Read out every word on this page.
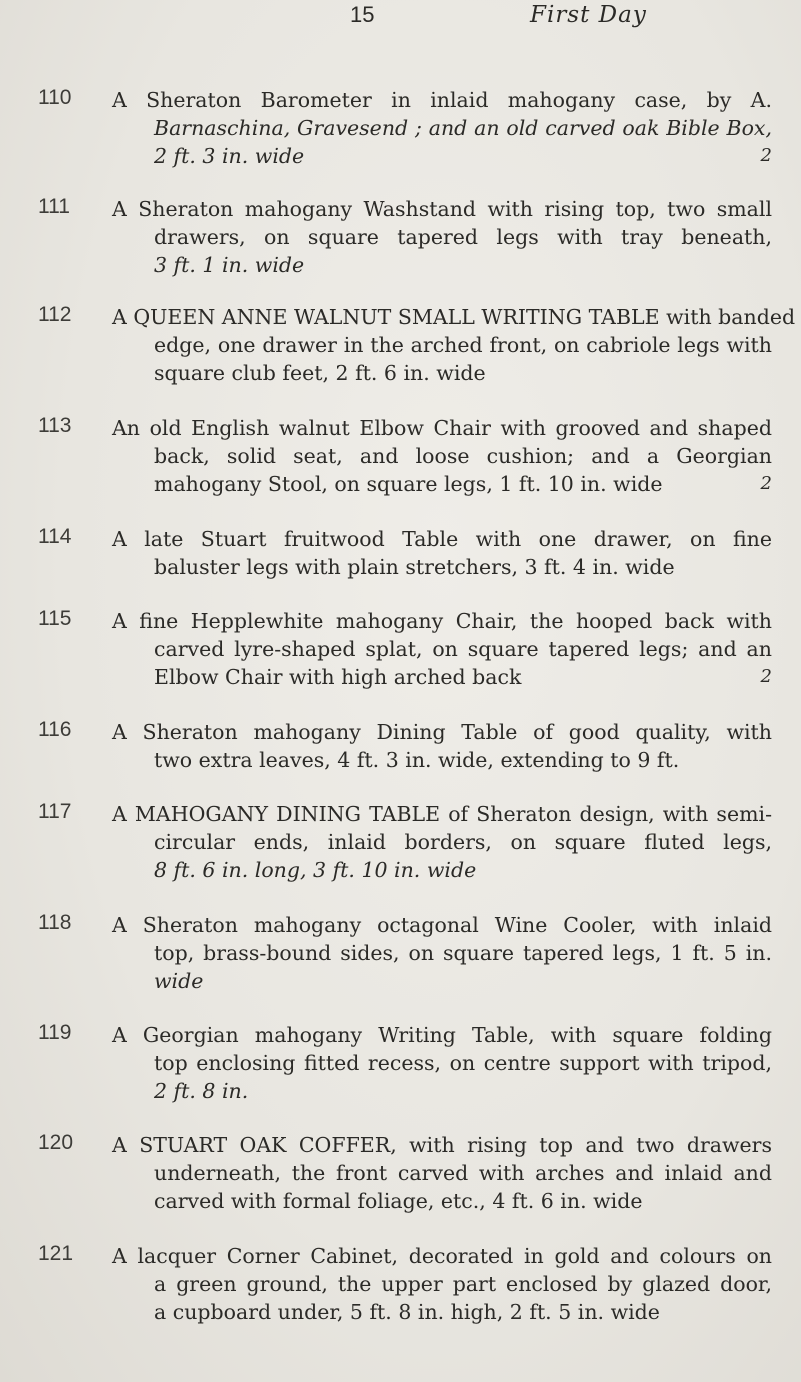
15	First Day
110	A Sheraton Barometer in inlaid mahogany case, by A.
Barnaschina, Gravesend ; and an old carved oak Bible Box,
2 ft. 3 in. wide	2
111	A Sheraton mahogany Washstand with rising top, two small
drawers, on square tapered legs with tray beneath,
3 ft. 1 in. wide
112	A QUEEN ANNE WALNUT SMALL WRITING TABLE with banded
edge, one drawer in the arched front, on cabriole legs with
square club feet, 2 ft. 6 in. wide
113	An old English walnut Elbow Chair with grooved and shaped
back, solid seat, and loose cushion; and a Georgian
mahogany Stool, on square legs, 1 ft. 10 in. wide	2
114	A late Stuart fruitwood Table with one drawer, on fine
baluster legs with plain stretchers, 3 ft. 4 in. wide
115	A fine Hepplewhite mahogany Chair, the hooped back with
carved lyre-shaped splat, on square tapered legs; and an
Elbow Chair with high arched back	2
116	A Sheraton mahogany Dining Table of good quality, with
two extra leaves, 4 ft. 3 in. wide, extending to 9 ft.
117	A MAHOGANY DINING TABLE of Sheraton design, with semi-
circular ends, inlaid borders, on square fluted legs,
8 ft. 6 in. long, 3 ft. 10 in. wide
118	A Sheraton mahogany octagonal Wine Cooler, with inlaid
top, brass-bound sides, on square tapered legs, 1 ft. 5 in.
wide
119	A Georgian mahogany Writing Table, with square folding
top enclosing fitted recess, on centre support with tripod,
2 ft. 8 in.
120	A STUART OAK COFFER, with rising top and two drawers
underneath, the front carved with arches and inlaid and
carved with formal foliage, etc., 4 ft. 6 in. wide
121	A lacquer Corner Cabinet, decorated in gold and colours on
a green ground, the upper part enclosed by glazed door,
a cupboard under, 5 ft. 8 in. high, 2 ft. 5 in. wide
